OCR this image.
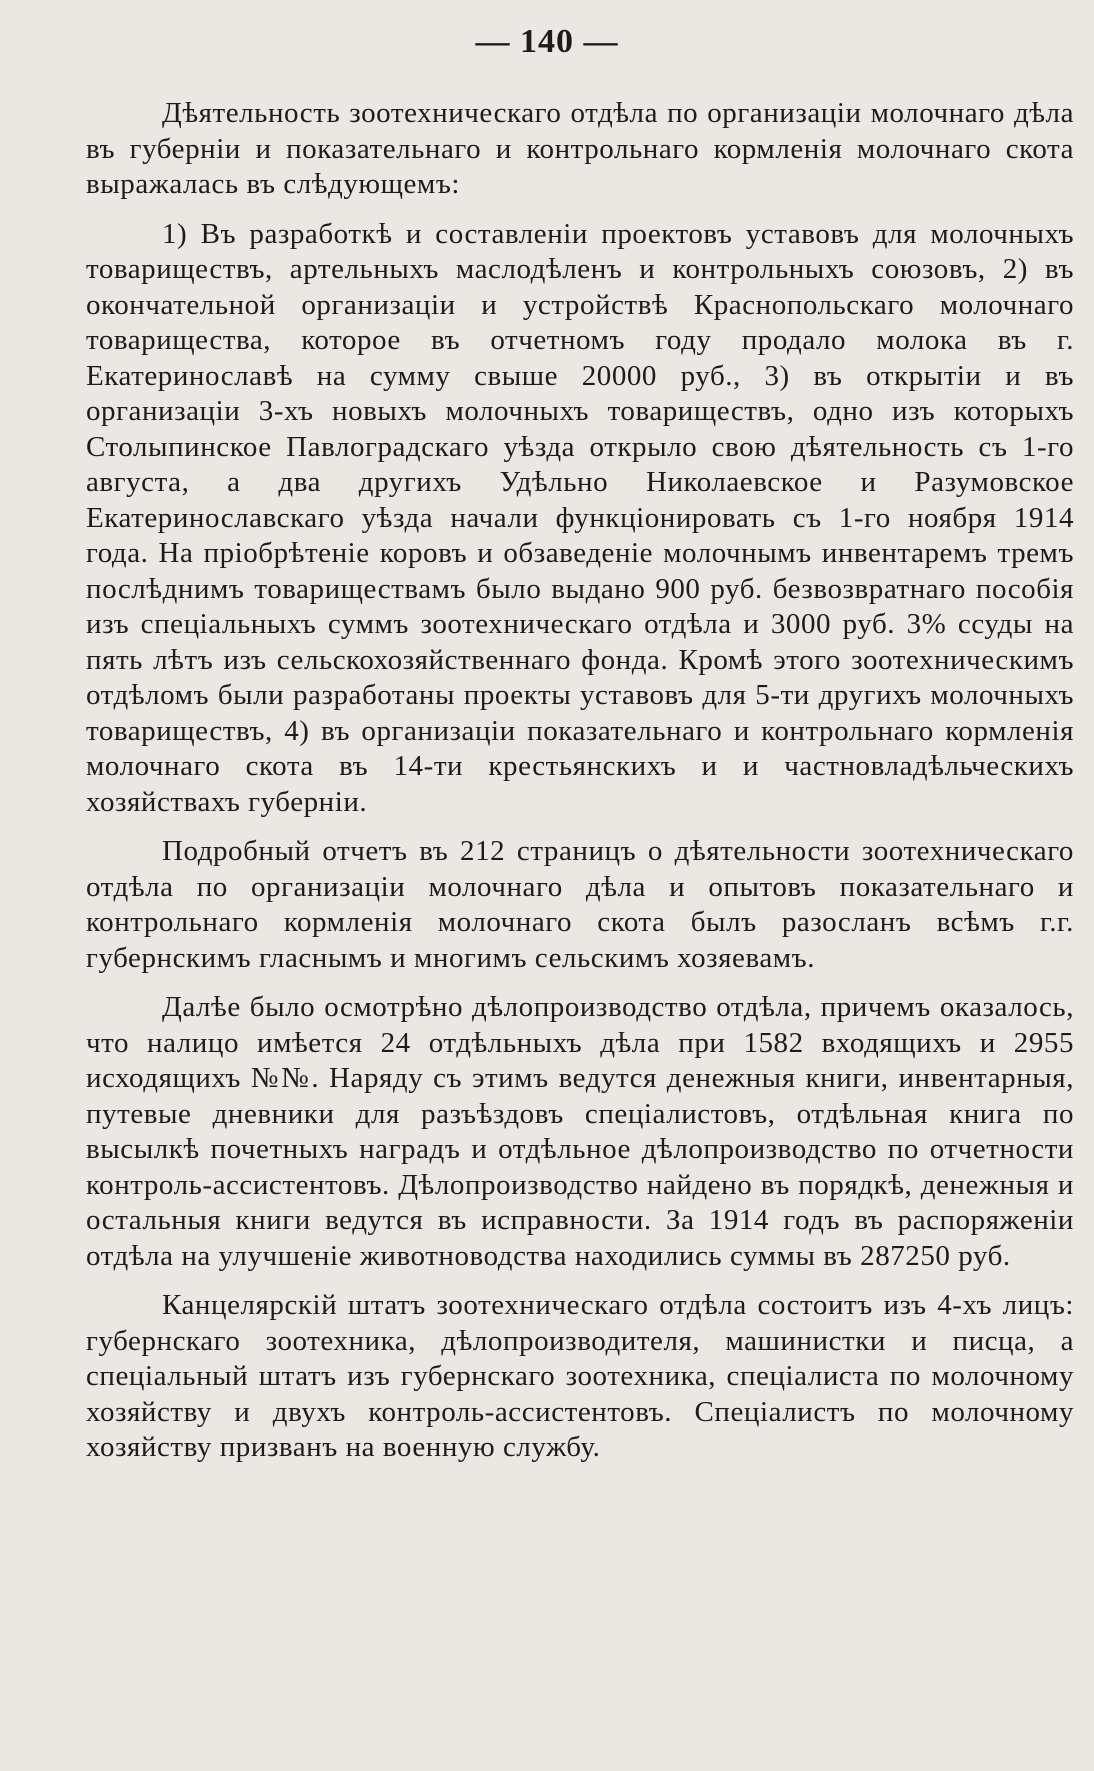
— 140 —

Дѣятельность зоотехническаго отдѣла по организаціи молочнаго дѣла въ губерніи и показательнаго и контрольнаго кормленія молочнаго скота выражалась въ слѣдующемъ:

1) Въ разработкѣ и составленіи проектовъ уставовъ для молочныхъ товариществъ, артельныхъ маслодѣленъ и контрольныхъ союзовъ, 2) въ окончательной организаціи и устройствѣ Краснопольскаго молочнаго товарищества, которое въ отчетномъ году продало молока въ г. Екатеринославѣ на сумму свыше 20000 руб., 3) въ открытіи и въ организаціи 3-хъ новыхъ молочныхъ товариществъ, одно изъ которыхъ Столыпинское Павлоградскаго уѣзда открыло свою дѣятельность съ 1-го августа, а два другихъ Удѣльно Николаевское и Разумовское Екатеринославскаго уѣзда начали функціонировать съ 1-го ноября 1914 года. На пріобрѣтеніе коровъ и обзаведеніе молочнымъ инвентаремъ тремъ послѣднимъ товариществамъ было выдано 900 руб. безвозвратнаго пособія изъ спеціальныхъ суммъ зоотехническаго отдѣла и 3000 руб. 3% ссуды на пять лѣтъ изъ сельскохозяйственнаго фонда. Кромѣ этого зоотехническимъ отдѣломъ были разработаны проекты уставовъ для 5-ти другихъ молочныхъ товариществъ, 4) въ организаціи показательнаго и контрольнаго кормленія молочнаго скота въ 14-ти крестьянскихъ и и частновладѣльческихъ хозяйствахъ губерніи.

Подробный отчетъ въ 212 страницъ о дѣятельности зоотехническаго отдѣла по организаціи молочнаго дѣла и опытовъ показательнаго и контрольнаго кормленія молочнаго скота былъ разосланъ всѣмъ г.г. губернскимъ гласнымъ и многимъ сельскимъ хозяевамъ.

Далѣе было осмотрѣно дѣлопроизводство отдѣла, причемъ оказалось, что налицо имѣется 24 отдѣльныхъ дѣла при 1582 входящихъ и 2955 исходящихъ №№. Наряду съ этимъ ведутся денежныя книги, инвентарныя, путевые дневники для разъѣздовъ спеціалистовъ, отдѣльная книга по высылкѣ почетныхъ наградъ и отдѣльное дѣлопроизводство по отчетности контроль-ассистентовъ. Дѣлопроизводство найдено въ порядкѣ, денежныя и остальныя книги ведутся въ исправности. За 1914 годъ въ распоряженіи отдѣла на улучшеніе животноводства находились суммы въ 287250 руб.

Канцелярскій штатъ зоотехническаго отдѣла состоитъ изъ 4-хъ лицъ: губернскаго зоотехника, дѣлопроизводителя, машинистки и писца, а спеціальный штатъ изъ губернскаго зоотехника, спеціалиста по молочному хозяйству и двухъ контроль-ассистентовъ. Спеціалистъ по молочному хозяйству призванъ на военную службу.
